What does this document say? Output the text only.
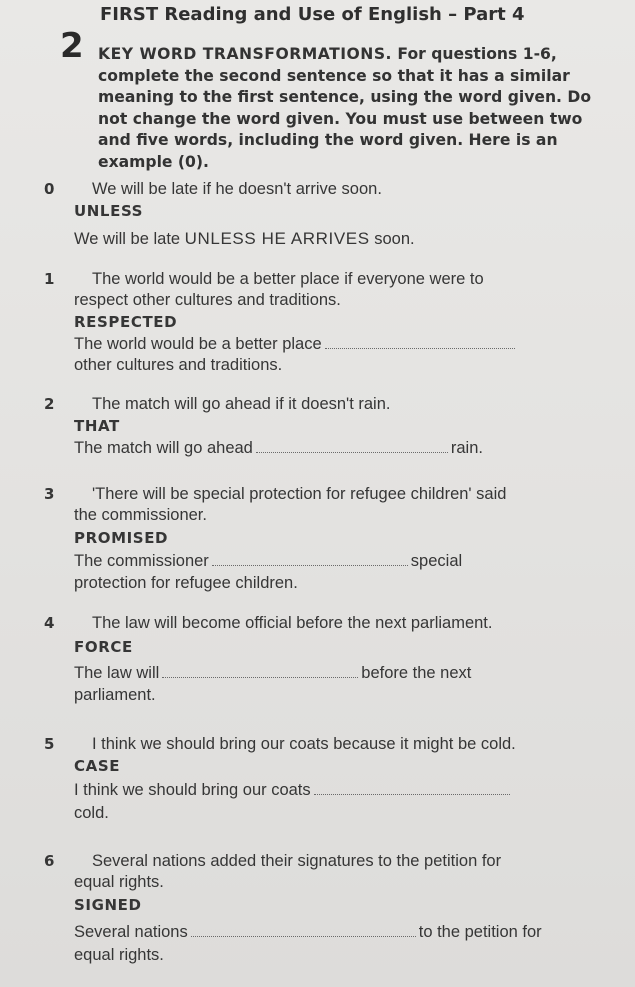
FIRST Reading and Use of English – Part 4
2 KEY WORD TRANSFORMATIONS. For questions 1-6, complete the second sentence so that it has a similar meaning to the first sentence, using the word given. Do not change the word given. You must use between two and five words, including the word given. Here is an example (0).
0 We will be late if he doesn't arrive soon.
UNLESS
We will be late UNLESS HE ARRIVES soon.
1 The world would be a better place if everyone were to
respect other cultures and traditions.
RESPECTED
The world would be a better place
other cultures and traditions.
2 The match will go ahead if it doesn't rain.
THAT
The match will go ahead	rain.
3 'There will be special protection for refugee children' said
the commissioner.
PROMISED
The commissioner	special
protection for refugee children.
4 The law will become official before the next parliament.
FORCE
The law will	before the next
parliament.
5 I think we should bring our coats because it might be cold.
CASE
I think we should bring our coats
cold.
6 Several nations added their signatures to the petition for
equal rights.
SIGNED
Several nations	to the petition for
equal rights.
